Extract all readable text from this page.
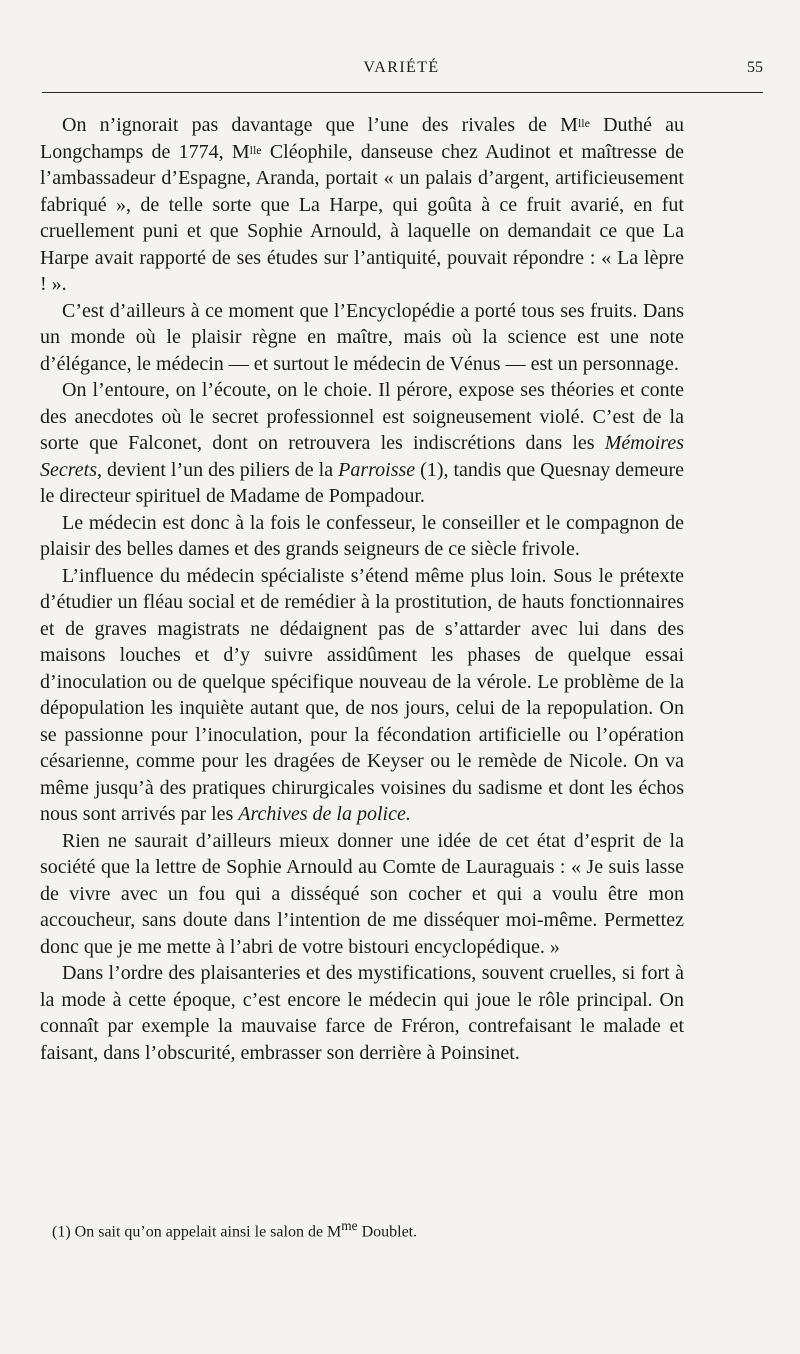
VARIÉTÉ	55

On n’ignorait pas davantage que l’une des rivales de $M^{lle}$ Duthé au Longchamps de 1774, $M^{lle}$ Cléophile, danseuse chez Audinot et maîtresse de l’ambassadeur d’Espagne, Aranda, portait « un palais d’argent, artificieusement fabriqué », de telle sorte que La Harpe, qui goûta à ce fruit avarié, en fut cruellement puni et que Sophie Arnould, à laquelle on demandait ce que La Harpe avait rapporté de ses études sur l’antiquité, pouvait répondre : « La lèpre ! ».

C’est d’ailleurs à ce moment que l’Encyclopédie a porté tous ses fruits. Dans un monde où le plaisir règne en maître, mais où la science est une note d’élégance, le médecin — et surtout le médecin de Vénus — est un personnage.

On l’entoure, on l’écoute, on le choie. Il pérore, expose ses théories et conte des anecdotes où le secret professionnel est soigneusement violé. C’est de la sorte que Falconet, dont on retrouvera les indiscrétions dans les Mémoires Secrets, devient l’un des piliers de la Parroisse (1), tandis que Quesnay demeure le directeur spirituel de Madame de Pompadour.

Le médecin est donc à la fois le confesseur, le conseiller et le compagnon de plaisir des belles dames et des grands seigneurs de ce siècle frivole.

L’influence du médecin spécialiste s’étend même plus loin. Sous le prétexte d’étudier un fléau social et de remédier à la prostitution, de hauts fonctionnaires et de graves magistrats ne dédaignent pas de s’attarder avec lui dans des maisons louches et d’y suivre assidûment les phases de quelque essai d’inoculation ou de quelque spécifique nouveau de la vérole. Le problème de la dépopulation les inquiète autant que, de nos jours, celui de la repopulation. On se passionne pour l’inoculation, pour la fécondation artificielle ou l’opération césarienne, comme pour les dragées de Keyser ou le remède de Nicole. On va même jusqu’à des pratiques chirurgicales voisines du sadisme et dont les échos nous sont arrivés par les Archives de la police.

Rien ne saurait d’ailleurs mieux donner une idée de cet état d’esprit de la société que la lettre de Sophie Arnould au Comte de Lauraguais : « Je suis lasse de vivre avec un fou qui a disséqué son cocher et qui a voulu être mon accoucheur, sans doute dans l’intention de me disséquer moi-même. Permettez donc que je me mette à l’abri de votre bistouri encyclopédique. »

Dans l’ordre des plaisanteries et des mystifications, souvent cruelles, si fort à la mode à cette époque, c’est encore le médecin qui joue le rôle principal. On connaît par exemple la mauvaise farce de Fréron, contrefaisant le malade et faisant, dans l’obscurité, embrasser son derrière à Poinsinet.

(1) On sait qu’on appelait ainsi le salon de $M^{me}$ Doublet.
